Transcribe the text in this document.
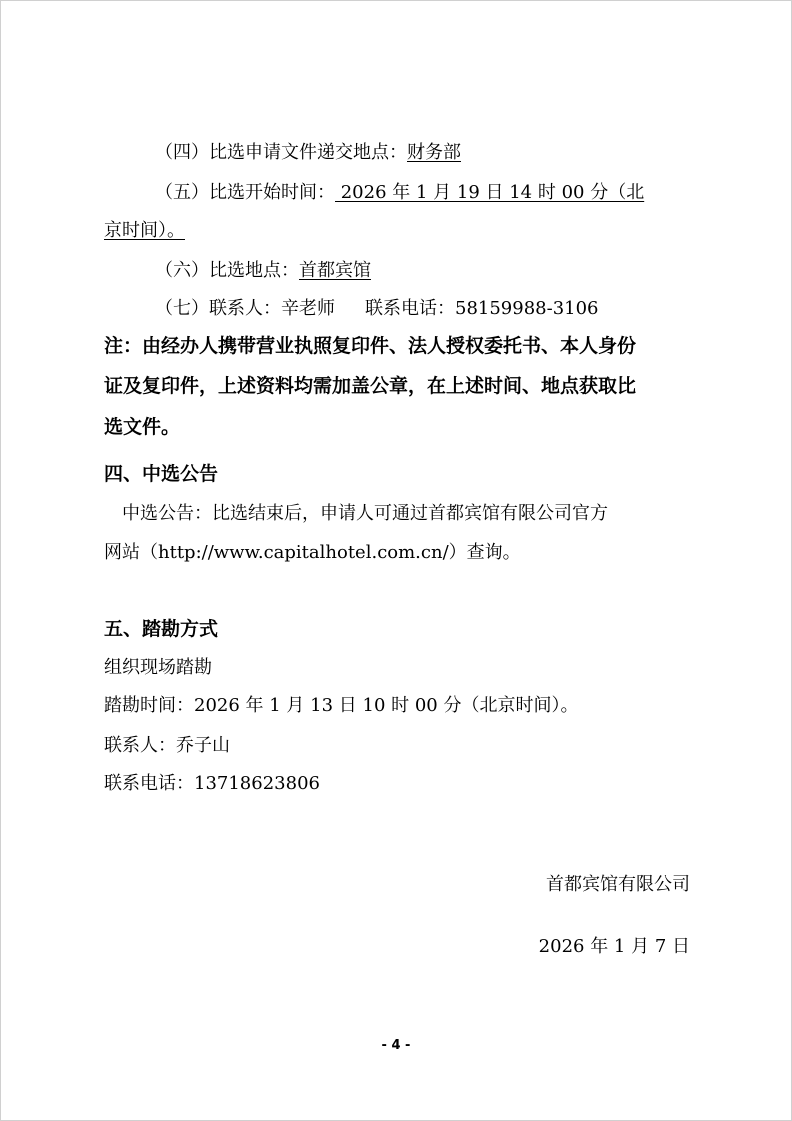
（四）比选申请文件递交地点：财务部
（五）比选开始时间： 2026 年 1 月 19 日 14 时 00 分（北
京时间）。
（六）比选地点：首都宾馆
（七）联系人：辛老师 联系电话：58159988-3106
注：由经办人携带营业执照复印件、法人授权委托书、本人身份
证及复印件，上述资料均需加盖公章，在上述时间、地点获取比
选文件。
四、中选公告
中选公告：比选结束后，申请人可通过首都宾馆有限公司官方
网站（http://www.capitalhotel.com.cn/）查询。
五、踏勘方式
组织现场踏勘
踏勘时间：2026 年 1 月 13 日 10 时 00 分（北京时间）。
联系人：乔子山
联系电话：13718623806
首都宾馆有限公司
2026 年 1 月 7 日
- 4 -
